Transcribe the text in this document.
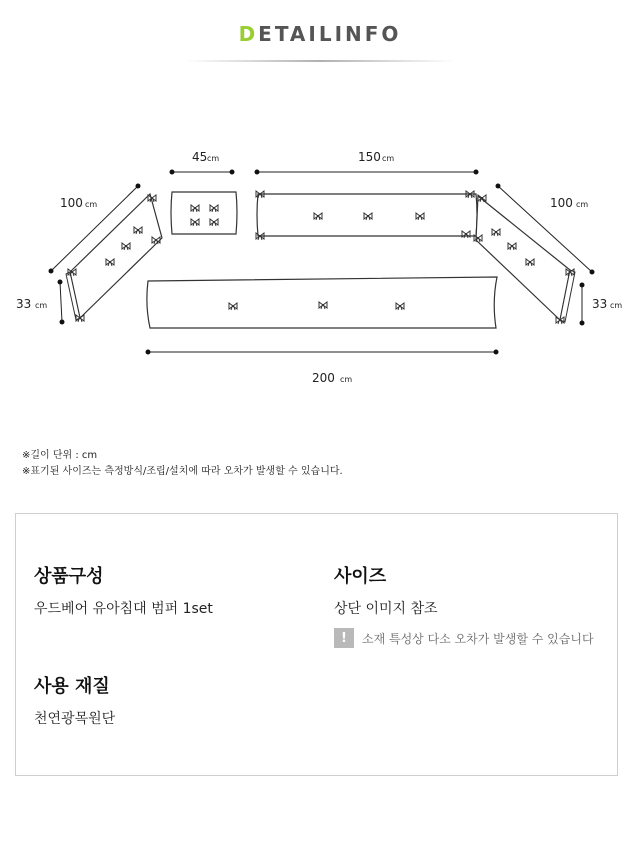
DETAILINFO
45 cm	150 cm
100 cm	100 cm
33 cm	33 cm
200 cm
※길이 단위 : cm
※표기된 사이즈는 측정방식/조립/설치에 따라 오차가 발생할 수 있습니다.
상품구성
우드베어 유아침대 범퍼 1set
사이즈
상단 이미지 참조
!	소재 특성상 다소 오차가 발생할 수 있습니다
사용 재질
천연광목원단
